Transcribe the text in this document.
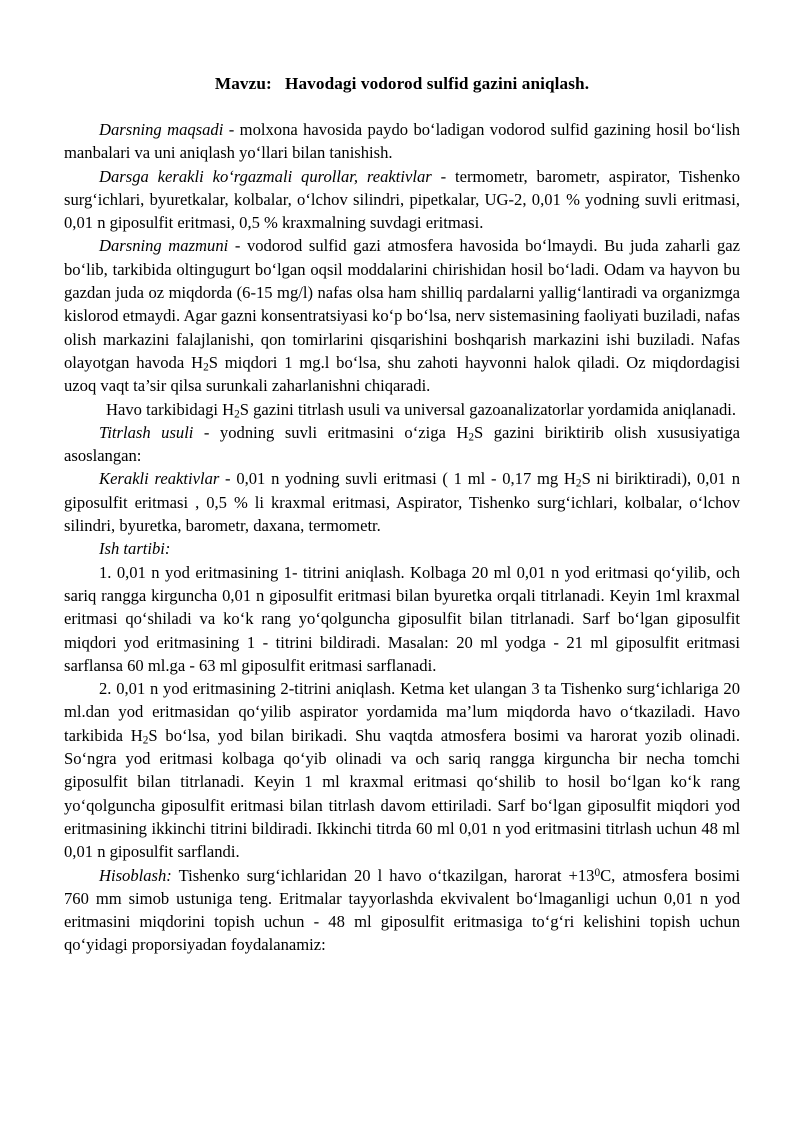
Mavzu: Havodagi vodorod sulfid gazini aniqlash.

Darsning maqsadi - molxona havosida paydo bo‘ladigan vodorod sulfid gazining hosil bo‘lish manbalari va uni aniqlash yo‘llari bilan tanishish.

Darsga kerakli ko‘rgazmali qurollar, reaktivlar - termometr, barometr, aspirator, Tishenko surg‘ichlari, byuretkalar, kolbalar, o‘lchov silindri, pipetkalar, UG-2, 0,01 % yodning suvli eritmasi, 0,01 n giposulfit eritmasi, 0,5 % kraxmalning suvdagi eritmasi.

Darsning mazmuni - vodorod sulfid gazi atmosfera havosida bo‘lmaydi. Bu juda zaharli gaz bo‘lib, tarkibida oltingugurt bo‘lgan oqsil moddalarini chirishidan hosil bo‘ladi. Odam va hayvon bu gazdan juda oz miqdorda (6-15 mg/l) nafas olsa ham shilliq pardalarni yallig‘lantiradi va organizmga kislorod etmaydi. Agar gazni konsentratsiyasi ko‘p bo‘lsa, nerv sistemasining faoliyati buziladi, nafas olish markazini falajlanishi, qon tomirlarini qisqarishini boshqarish markazini ishi buziladi. Nafas olayotgan havoda $H_2S$ miqdori 1 mg.l bo‘lsa, shu zahoti hayvonni halok qiladi. Oz miqdordagisi uzoq vaqt ta’sir qilsa surunkali zaharlanishni chiqaradi.

Havo tarkibidagi $H_2S$ gazini titrlash usuli va universal gazoanalizatorlar yordamida aniqlanadi.

Titrlash usuli - yodning suvli eritmasini o‘ziga $H_2S$ gazini biriktirib olish xususiyatiga asoslangan:

Kerakli reaktivlar - 0,01 n yodning suvli eritmasi ( 1 ml - 0,17 mg $H_2S$ ni biriktiradi), 0,01 n giposulfit eritmasi , 0,5 % li kraxmal eritmasi, Aspirator, Tishenko surg‘ichlari, kolbalar, o‘lchov silindri, byuretka, barometr, daxana, termometr.

Ish tartibi:

1. 0,01 n yod eritmasining 1- titrini aniqlash. Kolbaga 20 ml 0,01 n yod eritmasi qo‘yilib, och sariq rangga kirguncha 0,01 n giposulfit eritmasi bilan byuretka orqali titrlanadi. Keyin 1ml kraxmal eritmasi qo‘shiladi va ko‘k rang yo‘qolguncha giposulfit bilan titrlanadi. Sarf bo‘lgan giposulfit miqdori yod eritmasining 1 - titrini bildiradi. Masalan: 20 ml yodga - 21 ml giposulfit eritmasi sarflansa 60 ml.ga - 63 ml giposulfit eritmasi sarflanadi.

2. 0,01 n yod eritmasining 2-titrini aniqlash. Ketma ket ulangan 3 ta Tishenko surg‘ichlariga 20 ml.dan yod eritmasidan qo‘yilib aspirator yordamida ma’lum miqdorda havo o‘tkaziladi. Havo tarkibida $H_2S$ bo‘lsa, yod bilan birikadi. Shu vaqtda atmosfera bosimi va harorat yozib olinadi. So‘ngra yod eritmasi kolbaga qo‘yib olinadi va och sariq rangga kirguncha bir necha tomchi giposulfit bilan titrlanadi. Keyin 1 ml kraxmal eritmasi qo‘shilib to hosil bo‘lgan ko‘k rang yo‘qolguncha giposulfit eritmasi bilan titrlash davom ettiriladi. Sarf bo‘lgan giposulfit miqdori yod eritmasining ikkinchi titrini bildiradi. Ikkinchi titrda 60 ml 0,01 n yod eritmasini titrlash uchun 48 ml 0,01 n giposulfit sarflandi.

Hisoblash: Tishenko surg‘ichlaridan 20 l havo o‘tkazilgan, harorat $+13^0C$, atmosfera bosimi 760 mm simob ustuniga teng. Eritmalar tayyorlashda ekvivalent bo‘lmaganligi uchun 0,01 n yod eritmasini miqdorini topish uchun - 48 ml giposulfit eritmasiga to‘g‘ri kelishini topish uchun qo‘yidagi proporsiyadan foydalanamiz:
